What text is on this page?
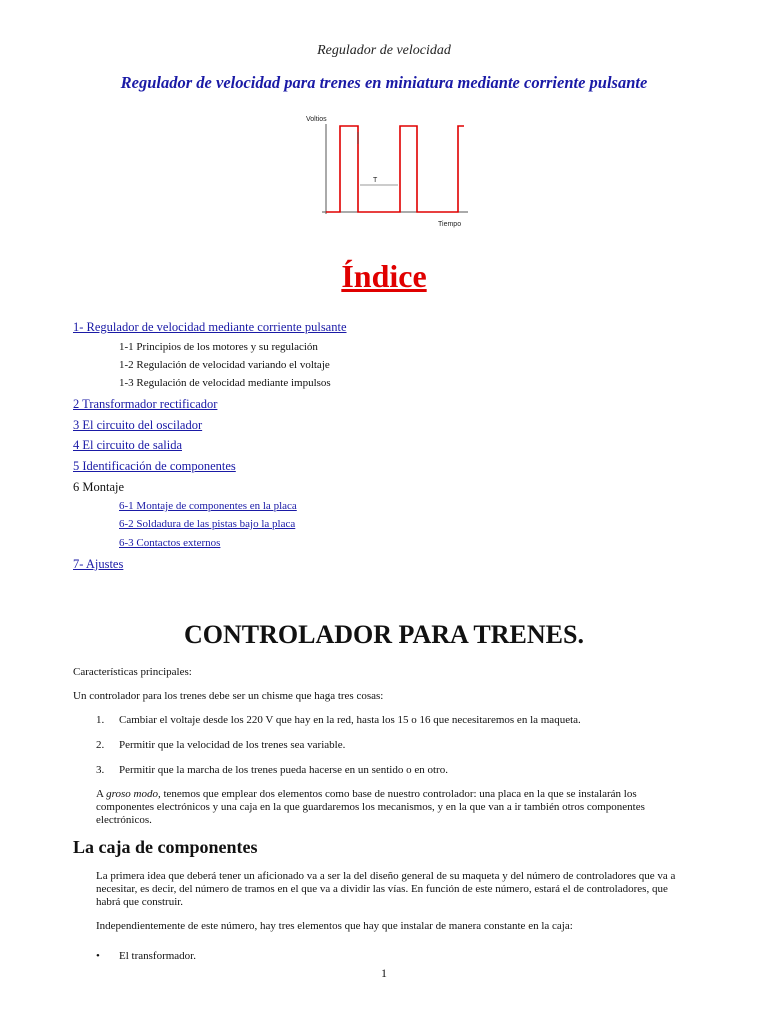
Regulador de velocidad
Regulador de velocidad para trenes en miniatura mediante corriente pulsante
Voltios
T
Tiempo
Índice
1- Regulador de velocidad mediante corriente pulsante
1-1 Principios de los motores y su regulación
1-2 Regulación de velocidad variando el voltaje
1-3 Regulación de velocidad mediante impulsos
2 Transformador rectificador
3 El circuito del oscilador
4 El circuito de salida
5 Identificación de componentes
6 Montaje
6-1 Montaje de componentes en la placa
6-2 Soldadura de las pistas bajo la placa
6-3 Contactos externos
7- Ajustes
CONTROLADOR PARA TRENES.
Características principales:
Un controlador para los trenes debe ser un chisme que haga tres cosas:
1. Cambiar el voltaje desde los 220 V que hay en la red, hasta los 15 o 16 que necesitaremos en la maqueta.
2. Permitir que la velocidad de los trenes sea variable.
3. Permitir que la marcha de los trenes pueda hacerse en un sentido o en otro.
A groso modo, tenemos que emplear dos elementos como base de nuestro controlador: una placa en la que se instalarán los componentes electrónicos y una caja en la que guardaremos los mecanismos, y en la que van a ir también otros componentes electrónicos.
La caja de componentes
La primera idea que deberá tener un aficionado va a ser la del diseño general de su maqueta y del número de controladores que va a necesitar, es decir, del número de tramos en el que va a dividir las vías. En función de este número, estará el de controladores, que habrá que construir.
Independientemente de este número, hay tres elementos que hay que instalar de manera constante en la caja:
• El transformador.
1
